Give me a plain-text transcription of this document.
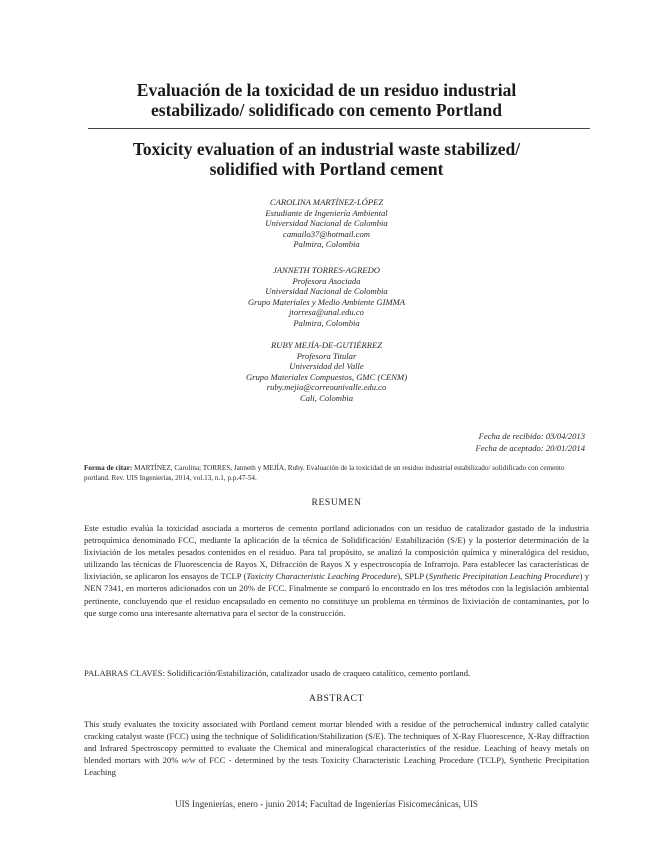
Evaluación de la toxicidad de un residuo industrial
estabilizado/ solidificado con cemento Portland
Toxicity evaluation of an industrial waste stabilized/
solidified with Portland cement
CAROLINA MARTÍNEZ-LÓPEZ
Estudiante de Ingeniería Ambiental
Universidad Nacional de Colombia
camailo37@hotmail.com
Palmira, Colombia
JANNETH TORRES-AGREDO
Profesora Asociada
Universidad Nacional de Colombia
Grupo Materiales y Medio Ambiente GIMMA
jtorresa@unal.edu.co
Palmira, Colombia
RUBY MEJÍA-DE-GUTIÉRREZ
Profesora Titular
Universidad del Valle
Grupo Materiales Compuestos, GMC (CENM)
ruby.mejia@correounivalle.edu.co
Cali, Colombia
Fecha de recibido: 03/04/2013
Fecha de aceptado: 20/01/2014
Forma de citar: MARTÍNEZ, Carolina; TORRES, Janneth y MEJÍA, Ruby. Evaluación de la toxicidad de un residuo industrial estabilizado/ solidificado con cemento portland. Rev. UIS Ingenierías, 2014, vol.13, n.1, p.p.47-54.
RESUMEN
Este estudio evalúa la toxicidad asociada a morteros de cemento portland adicionados con un residuo de catalizador gastado de la industria petroquímica denominado FCC, mediante la aplicación de la técnica de Solidificación/ Estabilización (S/E) y la posterior determinación de la lixiviación de los metales pesados contenidos en el residuo. Para tal propósito, se analizó la composición química y mineralógica del residuo, utilizando las técnicas de Fluorescencia de Rayos X, Difracción de Rayos X y espectroscopía de Infrarrojo. Para establecer las características de lixiviación, se aplicaron los ensayos de TCLP (Toxicity Characteristic Leaching Procedure), SPLP (Synthetic Precipitation Leaching Procedure) y NEN 7341, en morteros adicionados con un 20% de FCC. Finalmente se comparó lo encontrado en los tres métodos con la legislación ambiental pertinente, concluyendo que el residuo encapsulado en cemento no constituye un problema en términos de lixiviación de contaminantes, por lo que surge como una interesante alternativa para el sector de la construcción.
PALABRAS CLAVES: Solidificación/Estabilización, catalizador usado de craqueo catalítico, cemento portland.
ABSTRACT
This study evaluates the toxicity associated with Portland cement mortar blended with a residue of the petrochemical industry called catalytic cracking catalyst waste (FCC) using the technique of Solidification/Stabilization (S/E). The techniques of X-Ray Fluorescence, X-Ray diffraction and Infrared Spectroscopy permitted to evaluate the Chemical and mineralogical characteristics of the residue. Leaching of heavy metals on blended mortars with 20% w/w of FCC - determined by the tests Toxicity Characteristic Leaching Procedure (TCLP), Synthetic Precipitation Leaching
UIS Ingenierías, enero - junio 2014; Facultad de Ingenierías Fisicomecánicas, UIS
